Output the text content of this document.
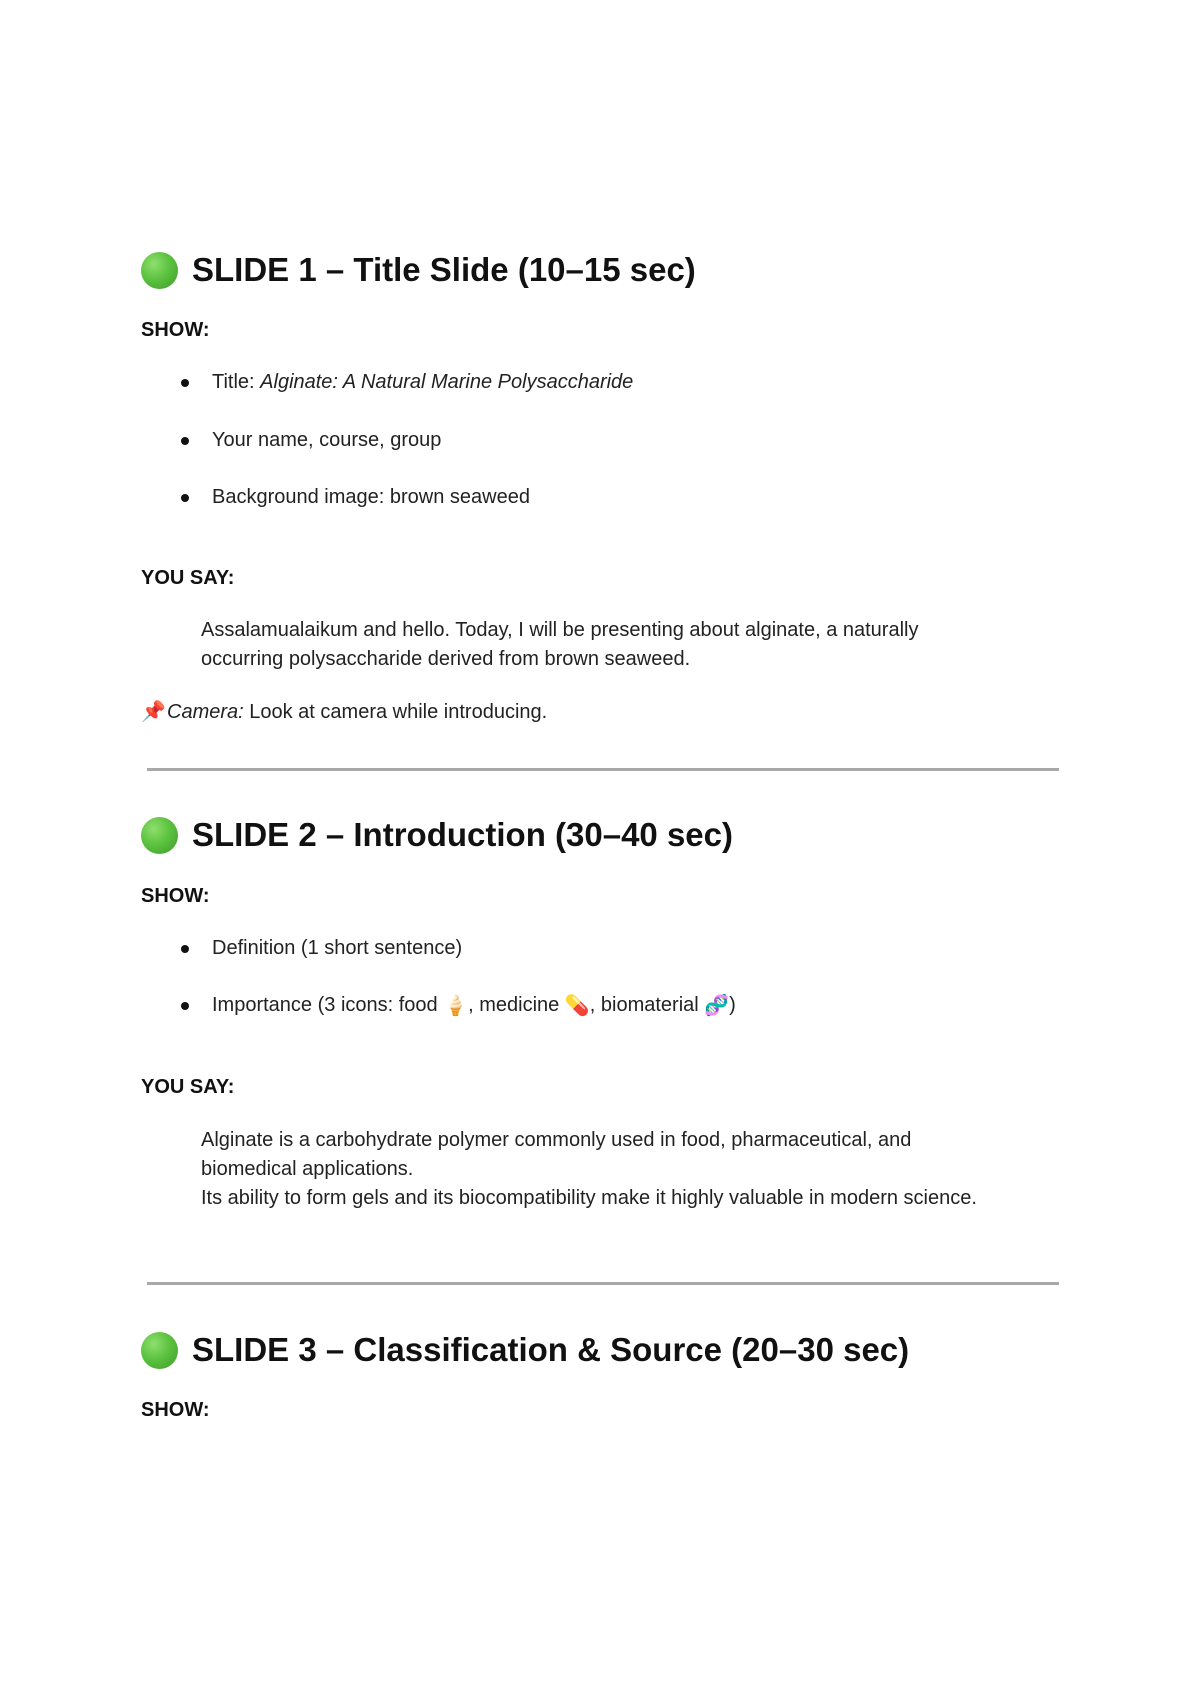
SLIDE 1 – Title Slide (10–15 sec)

SHOW:

Title: Alginate: A Natural Marine Polysaccharide
Your name, course, group
Background image: brown seaweed

YOU SAY:

Assalamualaikum and hello. Today, I will be presenting about alginate, a naturally occurring polysaccharide derived from brown seaweed.

📌Camera: Look at camera while introducing.
SLIDE 2 – Introduction (30–40 sec)

SHOW:

Definition (1 short sentence)
Importance (3 icons: food 🍦, medicine 💊, biomaterial 🧬)

YOU SAY:

Alginate is a carbohydrate polymer commonly used in food, pharmaceutical, and biomedical applications.

Its ability to form gels and its biocompatibility make it highly valuable in modern science.

SLIDE 3 – Classification & Source (20–30 sec)

SHOW:
